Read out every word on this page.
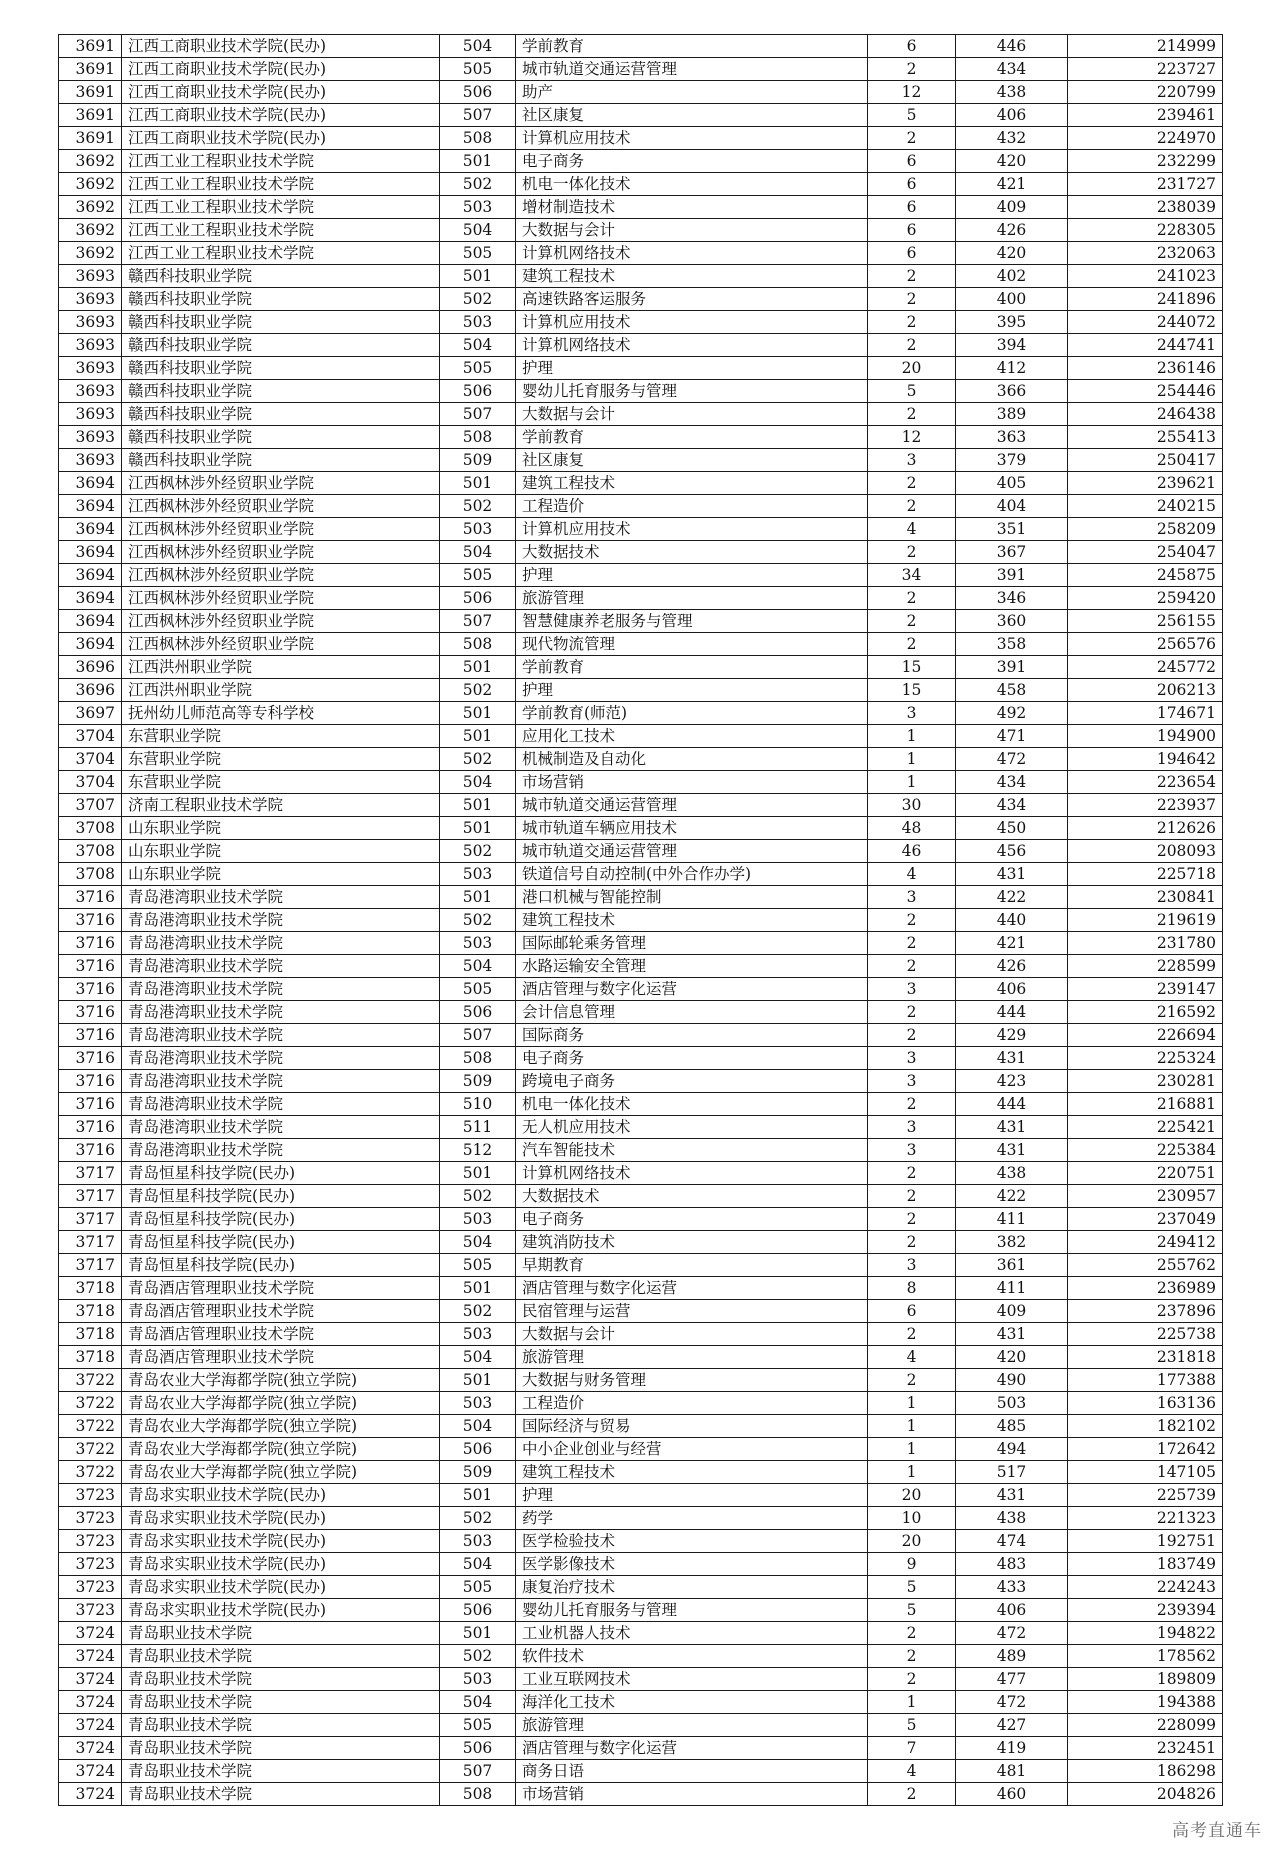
3691	江西工商职业技术学院(民办)	504	学前教育	6	446	214999
3691	江西工商职业技术学院(民办)	505	城市轨道交通运营管理	2	434	223727
3691	江西工商职业技术学院(民办)	506	助产	12	438	220799
3691	江西工商职业技术学院(民办)	507	社区康复	5	406	239461
3691	江西工商职业技术学院(民办)	508	计算机应用技术	2	432	224970
3692	江西工业工程职业技术学院	501	电子商务	6	420	232299
3692	江西工业工程职业技术学院	502	机电一体化技术	6	421	231727
3692	江西工业工程职业技术学院	503	增材制造技术	6	409	238039
3692	江西工业工程职业技术学院	504	大数据与会计	6	426	228305
3692	江西工业工程职业技术学院	505	计算机网络技术	6	420	232063
3693	赣西科技职业学院	501	建筑工程技术	2	402	241023
3693	赣西科技职业学院	502	高速铁路客运服务	2	400	241896
3693	赣西科技职业学院	503	计算机应用技术	2	395	244072
3693	赣西科技职业学院	504	计算机网络技术	2	394	244741
3693	赣西科技职业学院	505	护理	20	412	236146
3693	赣西科技职业学院	506	婴幼儿托育服务与管理	5	366	254446
3693	赣西科技职业学院	507	大数据与会计	2	389	246438
3693	赣西科技职业学院	508	学前教育	12	363	255413
3693	赣西科技职业学院	509	社区康复	3	379	250417
3694	江西枫林涉外经贸职业学院	501	建筑工程技术	2	405	239621
3694	江西枫林涉外经贸职业学院	502	工程造价	2	404	240215
3694	江西枫林涉外经贸职业学院	503	计算机应用技术	4	351	258209
3694	江西枫林涉外经贸职业学院	504	大数据技术	2	367	254047
3694	江西枫林涉外经贸职业学院	505	护理	34	391	245875
3694	江西枫林涉外经贸职业学院	506	旅游管理	2	346	259420
3694	江西枫林涉外经贸职业学院	507	智慧健康养老服务与管理	2	360	256155
3694	江西枫林涉外经贸职业学院	508	现代物流管理	2	358	256576
3696	江西洪州职业学院	501	学前教育	15	391	245772
3696	江西洪州职业学院	502	护理	15	458	206213
3697	抚州幼儿师范高等专科学校	501	学前教育(师范)	3	492	174671
3704	东营职业学院	501	应用化工技术	1	471	194900
3704	东营职业学院	502	机械制造及自动化	1	472	194642
3704	东营职业学院	504	市场营销	1	434	223654
3707	济南工程职业技术学院	501	城市轨道交通运营管理	30	434	223937
3708	山东职业学院	501	城市轨道车辆应用技术	48	450	212626
3708	山东职业学院	502	城市轨道交通运营管理	46	456	208093
3708	山东职业学院	503	铁道信号自动控制(中外合作办学)	4	431	225718
3716	青岛港湾职业技术学院	501	港口机械与智能控制	3	422	230841
3716	青岛港湾职业技术学院	502	建筑工程技术	2	440	219619
3716	青岛港湾职业技术学院	503	国际邮轮乘务管理	2	421	231780
3716	青岛港湾职业技术学院	504	水路运输安全管理	2	426	228599
3716	青岛港湾职业技术学院	505	酒店管理与数字化运营	3	406	239147
3716	青岛港湾职业技术学院	506	会计信息管理	2	444	216592
3716	青岛港湾职业技术学院	507	国际商务	2	429	226694
3716	青岛港湾职业技术学院	508	电子商务	3	431	225324
3716	青岛港湾职业技术学院	509	跨境电子商务	3	423	230281
3716	青岛港湾职业技术学院	510	机电一体化技术	2	444	216881
3716	青岛港湾职业技术学院	511	无人机应用技术	3	431	225421
3716	青岛港湾职业技术学院	512	汽车智能技术	3	431	225384
3717	青岛恒星科技学院(民办)	501	计算机网络技术	2	438	220751
3717	青岛恒星科技学院(民办)	502	大数据技术	2	422	230957
3717	青岛恒星科技学院(民办)	503	电子商务	2	411	237049
3717	青岛恒星科技学院(民办)	504	建筑消防技术	2	382	249412
3717	青岛恒星科技学院(民办)	505	早期教育	3	361	255762
3718	青岛酒店管理职业技术学院	501	酒店管理与数字化运营	8	411	236989
3718	青岛酒店管理职业技术学院	502	民宿管理与运营	6	409	237896
3718	青岛酒店管理职业技术学院	503	大数据与会计	2	431	225738
3718	青岛酒店管理职业技术学院	504	旅游管理	4	420	231818
3722	青岛农业大学海都学院(独立学院)	501	大数据与财务管理	2	490	177388
3722	青岛农业大学海都学院(独立学院)	503	工程造价	1	503	163136
3722	青岛农业大学海都学院(独立学院)	504	国际经济与贸易	1	485	182102
3722	青岛农业大学海都学院(独立学院)	506	中小企业创业与经营	1	494	172642
3722	青岛农业大学海都学院(独立学院)	509	建筑工程技术	1	517	147105
3723	青岛求实职业技术学院(民办)	501	护理	20	431	225739
3723	青岛求实职业技术学院(民办)	502	药学	10	438	221323
3723	青岛求实职业技术学院(民办)	503	医学检验技术	20	474	192751
3723	青岛求实职业技术学院(民办)	504	医学影像技术	9	483	183749
3723	青岛求实职业技术学院(民办)	505	康复治疗技术	5	433	224243
3723	青岛求实职业技术学院(民办)	506	婴幼儿托育服务与管理	5	406	239394
3724	青岛职业技术学院	501	工业机器人技术	2	472	194822
3724	青岛职业技术学院	502	软件技术	2	489	178562
3724	青岛职业技术学院	503	工业互联网技术	2	477	189809
3724	青岛职业技术学院	504	海洋化工技术	1	472	194388
3724	青岛职业技术学院	505	旅游管理	5	427	228099
3724	青岛职业技术学院	506	酒店管理与数字化运营	7	419	232451
3724	青岛职业技术学院	507	商务日语	4	481	186298
3724	青岛职业技术学院	508	市场营销	2	460	204826
高考直通车
